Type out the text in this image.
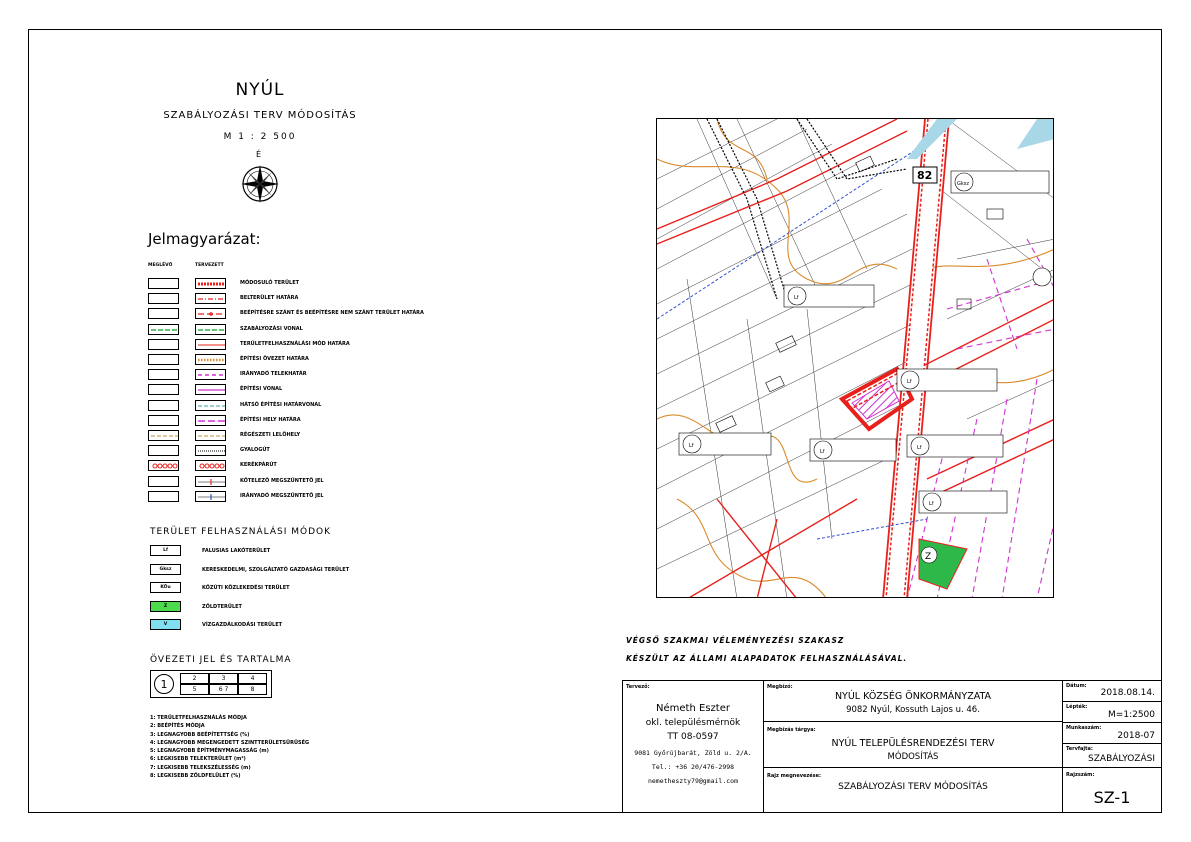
NYÚL
SZABÁLYOZÁSI TERV MÓDOSÍTÁS
M 1 : 2 500
É
Jelmagyarázat:
MEGLÉVŐ	TERVEZETT
MÓDOSULÓ TERÜLET
BELTERÜLET HATÁRA
BEÉPÍTÉSRE SZÁNT ÉS BEÉPÍTÉSRE NEM SZÁNT TERÜLET HATÁRA
SZABÁLYOZÁSI VONAL
TERÜLETFELHASZNÁLÁSI MÓD HATÁRA
ÉPÍTÉSI ÖVEZET HATÁRA
IRÁNYADÓ TELEKHATÁR
ÉPÍTÉSI VONAL
HÁTSÓ ÉPÍTÉSI HATÁRVONAL
ÉPÍTÉSI HELY HATÁRA
RÉGÉSZETI LELŐHELY
GYALOGÚT
KERÉKPÁRÚT
KÖTELEZŐ MEGSZÜNTETŐ JEL
IRÁNYADÓ MEGSZÜNTETŐ JEL
TERÜLET FELHASZNÁLÁSI MÓDOK
Lf	FALUSIAS LAKÓTERÜLET
Gksz	KERESKEDELMI, SZOLGÁLTATÓ GAZDASÁGI TERÜLET
KÖu	KÖZÚTI KÖZLEKEDÉSI TERÜLET
Z	ZÖLDTERÜLET
V	VÍZGAZDÁLKODÁSI TERÜLET
ÖVEZETI JEL ÉS TARTALMA
1	2	3	4
5	6 7	8
1: TERÜLETFELHASZNÁLÁS MÓDJA
2: BEÉPÍTÉS MÓDJA
3: LEGNAGYOBB BEÉPÍTETTSÉG (%)
4: LEGNAGYOBB MEGENGEDETT SZINTTERÜLETSŰRŰSÉG
5: LEGNAGYOBB ÉPÍTMÉNYMAGASSÁG (m)
6: LEGKISEBB TELEKTERÜLET (m²)
7: LEGKISEBB TELEKSZÉLESSÉG (m)
8: LEGKISEBB ZÖLDFELÜLET (%)
Z
82
Gksz
Lf
Lf
Lf
Lf
Lf
Lf
VÉGSŐ SZAKMAI VÉLEMÉNYEZÉSI SZAKASZ
KÉSZÜLT AZ ÁLLAMI ALAPADATOK FELHASZNÁLÁSÁVAL.
Tervező:
Németh Eszter
okl. településmérnök
TT 08-0597
9081 Győrújbarát, Zöld u. 2/A.
Tel.: +36 20/476-2998
nemetheszty79@gmail.com
Megbízó:
NYÚL KÖZSÉG ÖNKORMÁNYZATA
9082 Nyúl, Kossuth Lajos u. 46.
Megbízás tárgya:
NYÚL TELEPÜLÉSRENDEZÉSI TERV
MÓDOSÍTÁS
Rajz megnevezése:
SZABÁLYOZÁSI TERV MÓDOSÍTÁS
Dátum:
2018.08.14.
Lépték:
M=1:2500
Munkaszám:
2018-07
Tervfajta:
SZABÁLYOZÁSI
Rajzszám:
SZ-1
